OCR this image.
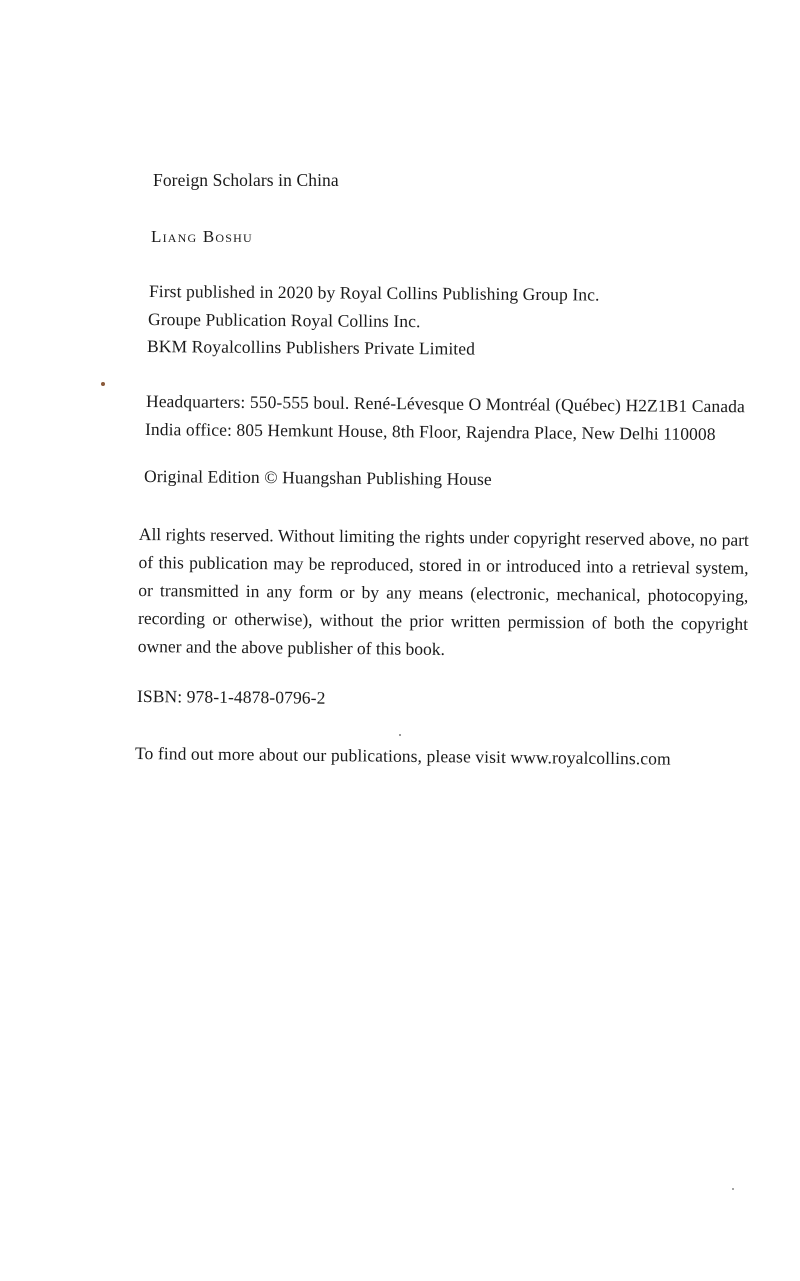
Foreign Scholars in China
Liang Boshu
First published in 2020 by Royal Collins Publishing Group Inc.
Groupe Publication Royal Collins Inc.
BKM Royalcollins Publishers Private Limited
Headquarters: 550-555 boul. René-Lévesque O Montréal (Québec) H2Z1B1 Canada
India office: 805 Hemkunt House, 8th Floor, Rajendra Place, New Delhi 110008
Original Edition © Huangshan Publishing House
All rights reserved. Without limiting the rights under copyright reserved above, no part of this publication may be reproduced, stored in or introduced into a retrieval system, or transmitted in any form or by any means (electronic, mechanical, photocopying, recording or otherwise), without the prior written permission of both the copyright owner and the above publisher of this book.
ISBN: 978-1-4878-0796-2
To find out more about our publications, please visit www.royalcollins.com
